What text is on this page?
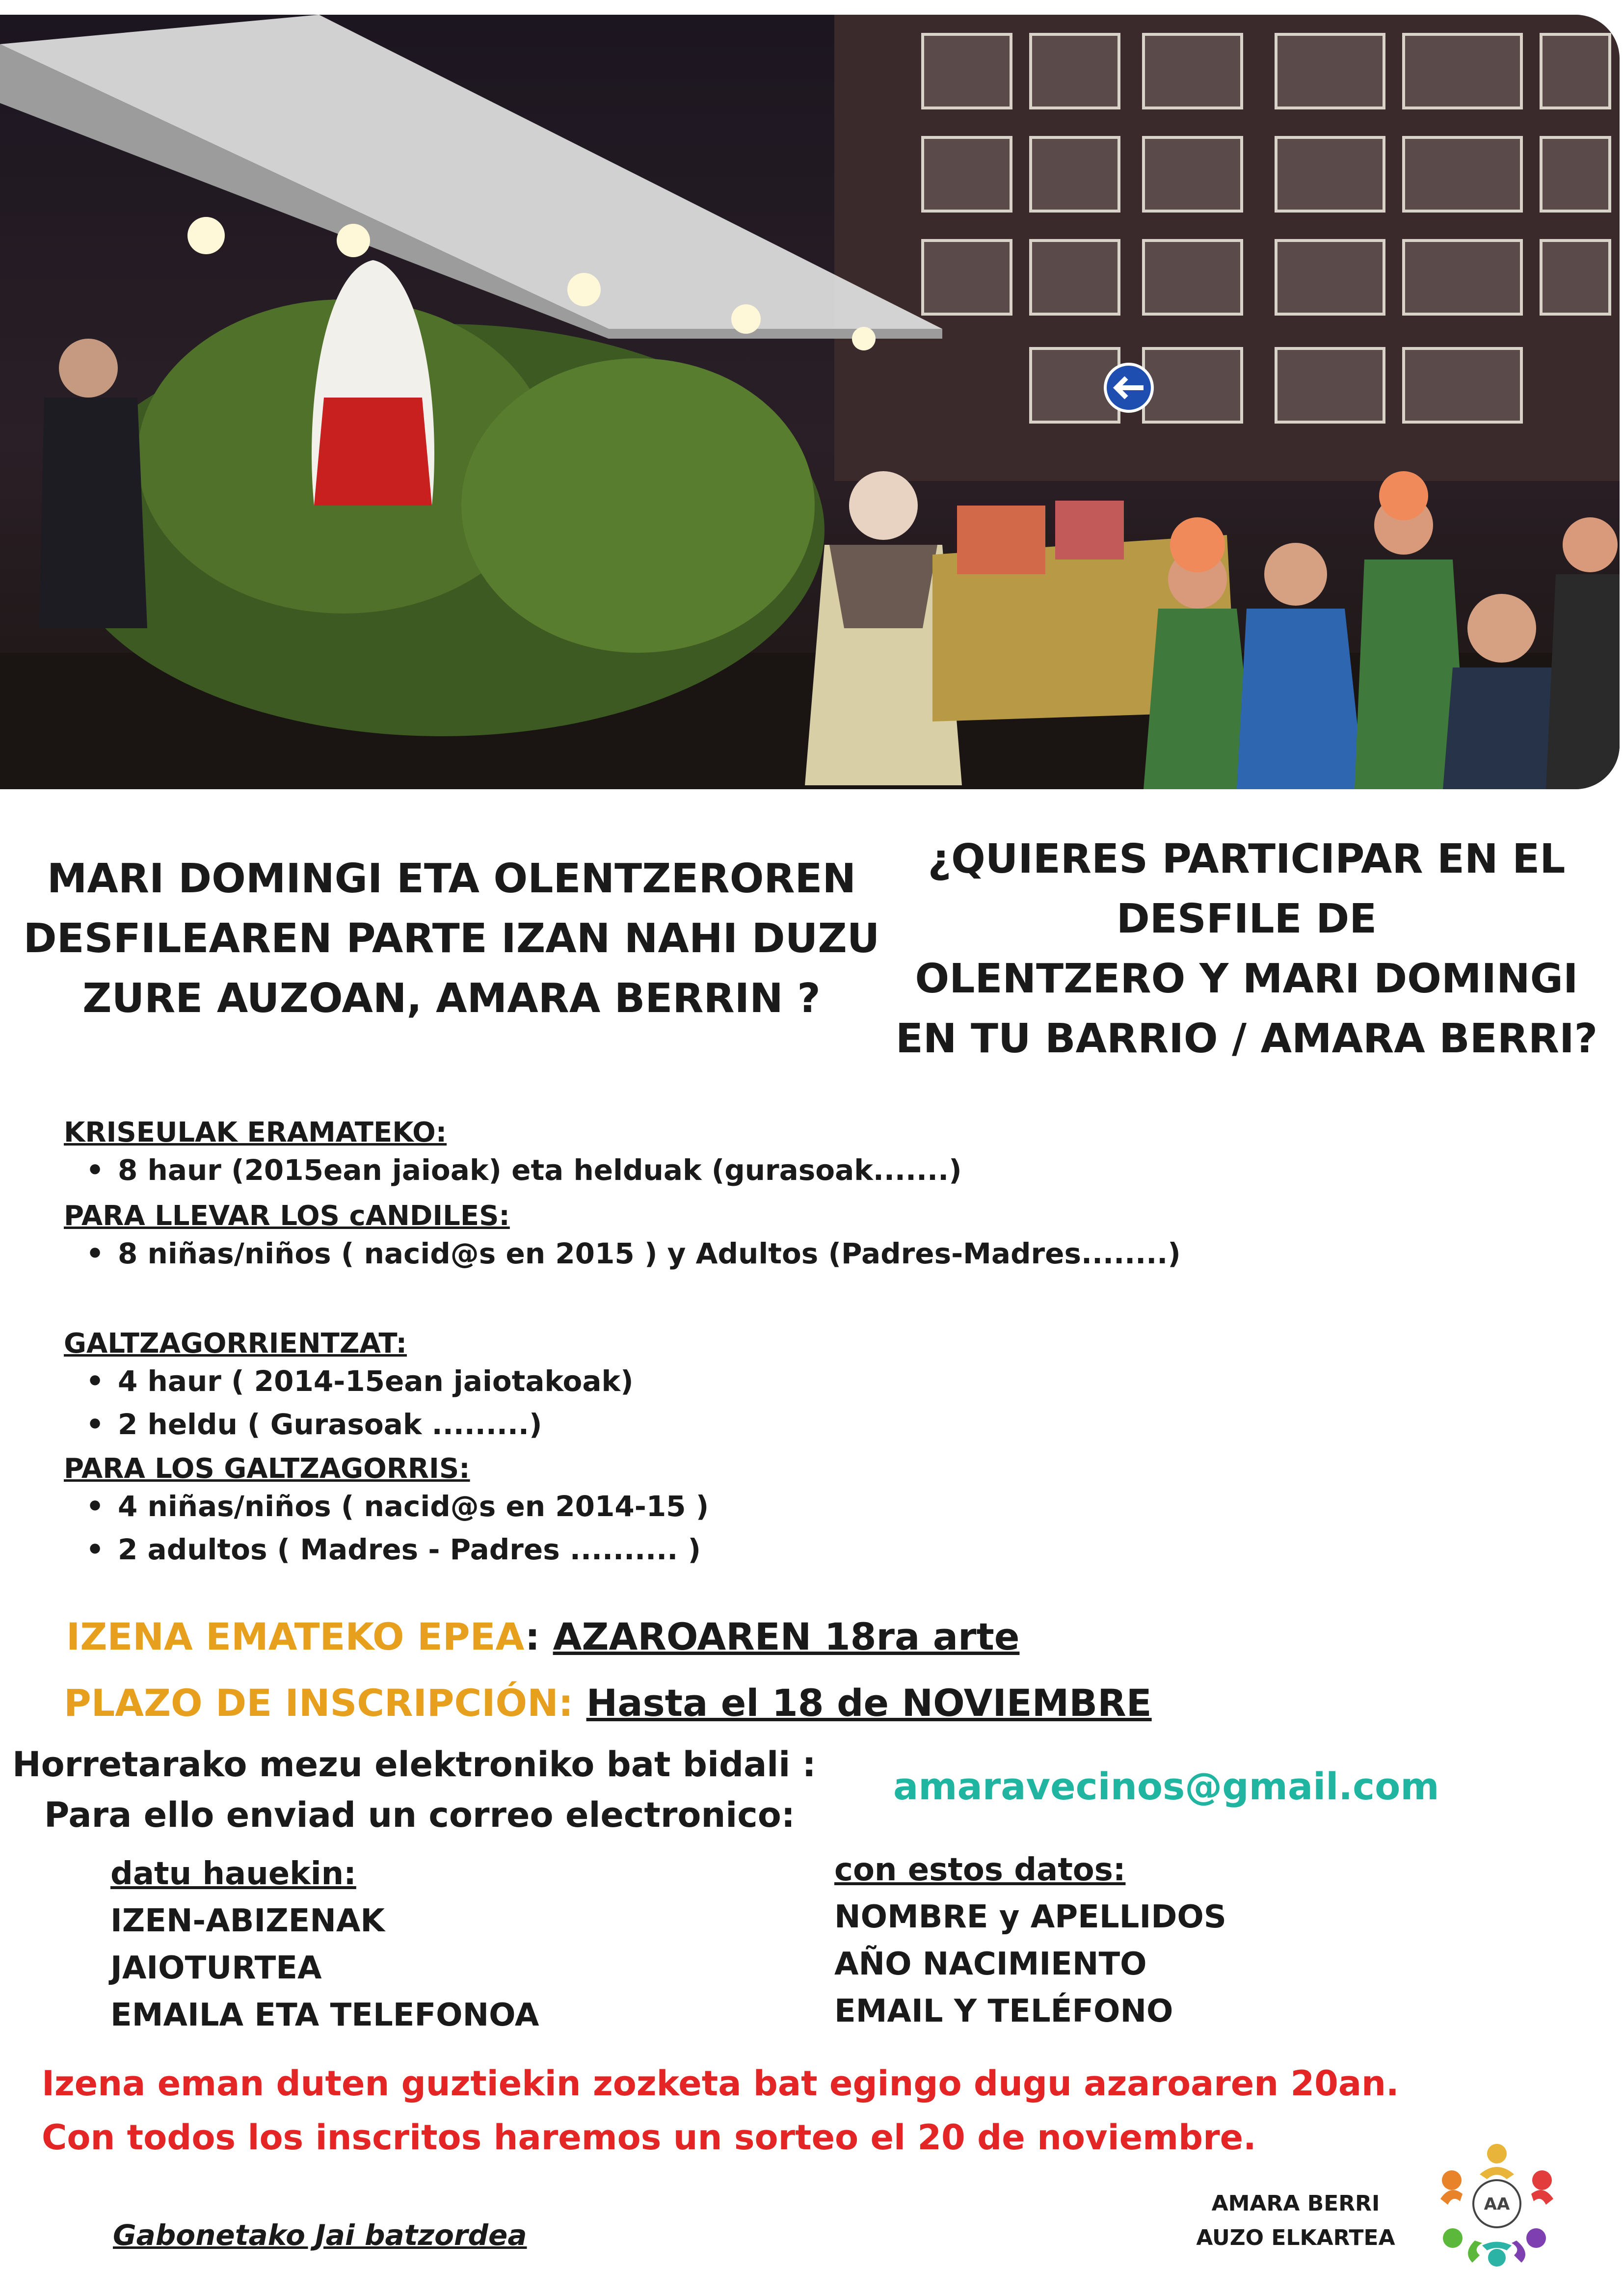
MARI DOMINGI ETA OLENTZERO​REN
DESFILEAREN PARTE IZAN NAHI DUZU
ZURE AUZOAN, AMARA BERRIN ?
¿QUIERES PARTICIPAR EN EL
DESFILE DE
OLENTZERO Y MARI DOMINGI
EN TU BARRIO / AMARA BERRI?
KRISEULAK ERAMATEKO:
• 8 haur (2015ean jaioak) eta helduak (gurasoak.......)
PARA LLEVAR LOS cANDILES:
• 8 niñas/niños ( nacid@s en 2015 ) y Adultos (Padres-Madres........)
GALTZAGORRIENTZAT:
• 4 haur ( 2014-15ean jaiotakoak)
• 2 heldu ( Gurasoak .........)
PARA LOS GALTZAGORRIS:
• 4 niñas/niños ( nacid@s en 2014-15 )
• 2 adultos ( Madres - Padres .......... )
IZENA EMATEKO EPEA: AZAROAREN 18ra arte
PLAZO DE INSCRIPCIÓN: Hasta el 18 de NOVIEMBRE
Horretarako mezu elektroniko bat bidali :
Para ello enviad un correo electronico:
amaravecinos@gmail.com
datu hauekin:
IZEN-ABIZENAK
JAIOTURTEA
EMAILA ETA TELEFONOA
con estos datos:
NOMBRE y APELLIDOS
AÑO NACIMIENTO
EMAIL Y TELÉFONO
Izena eman duten guztiekin zozketa bat egingo dugu azaroaren 20an.
Con todos los inscritos haremos un sorteo el 20 de noviembre.
Gabonetako Jai batzordea
AMARA BERRI
AUZO ELKARTEA
AA
